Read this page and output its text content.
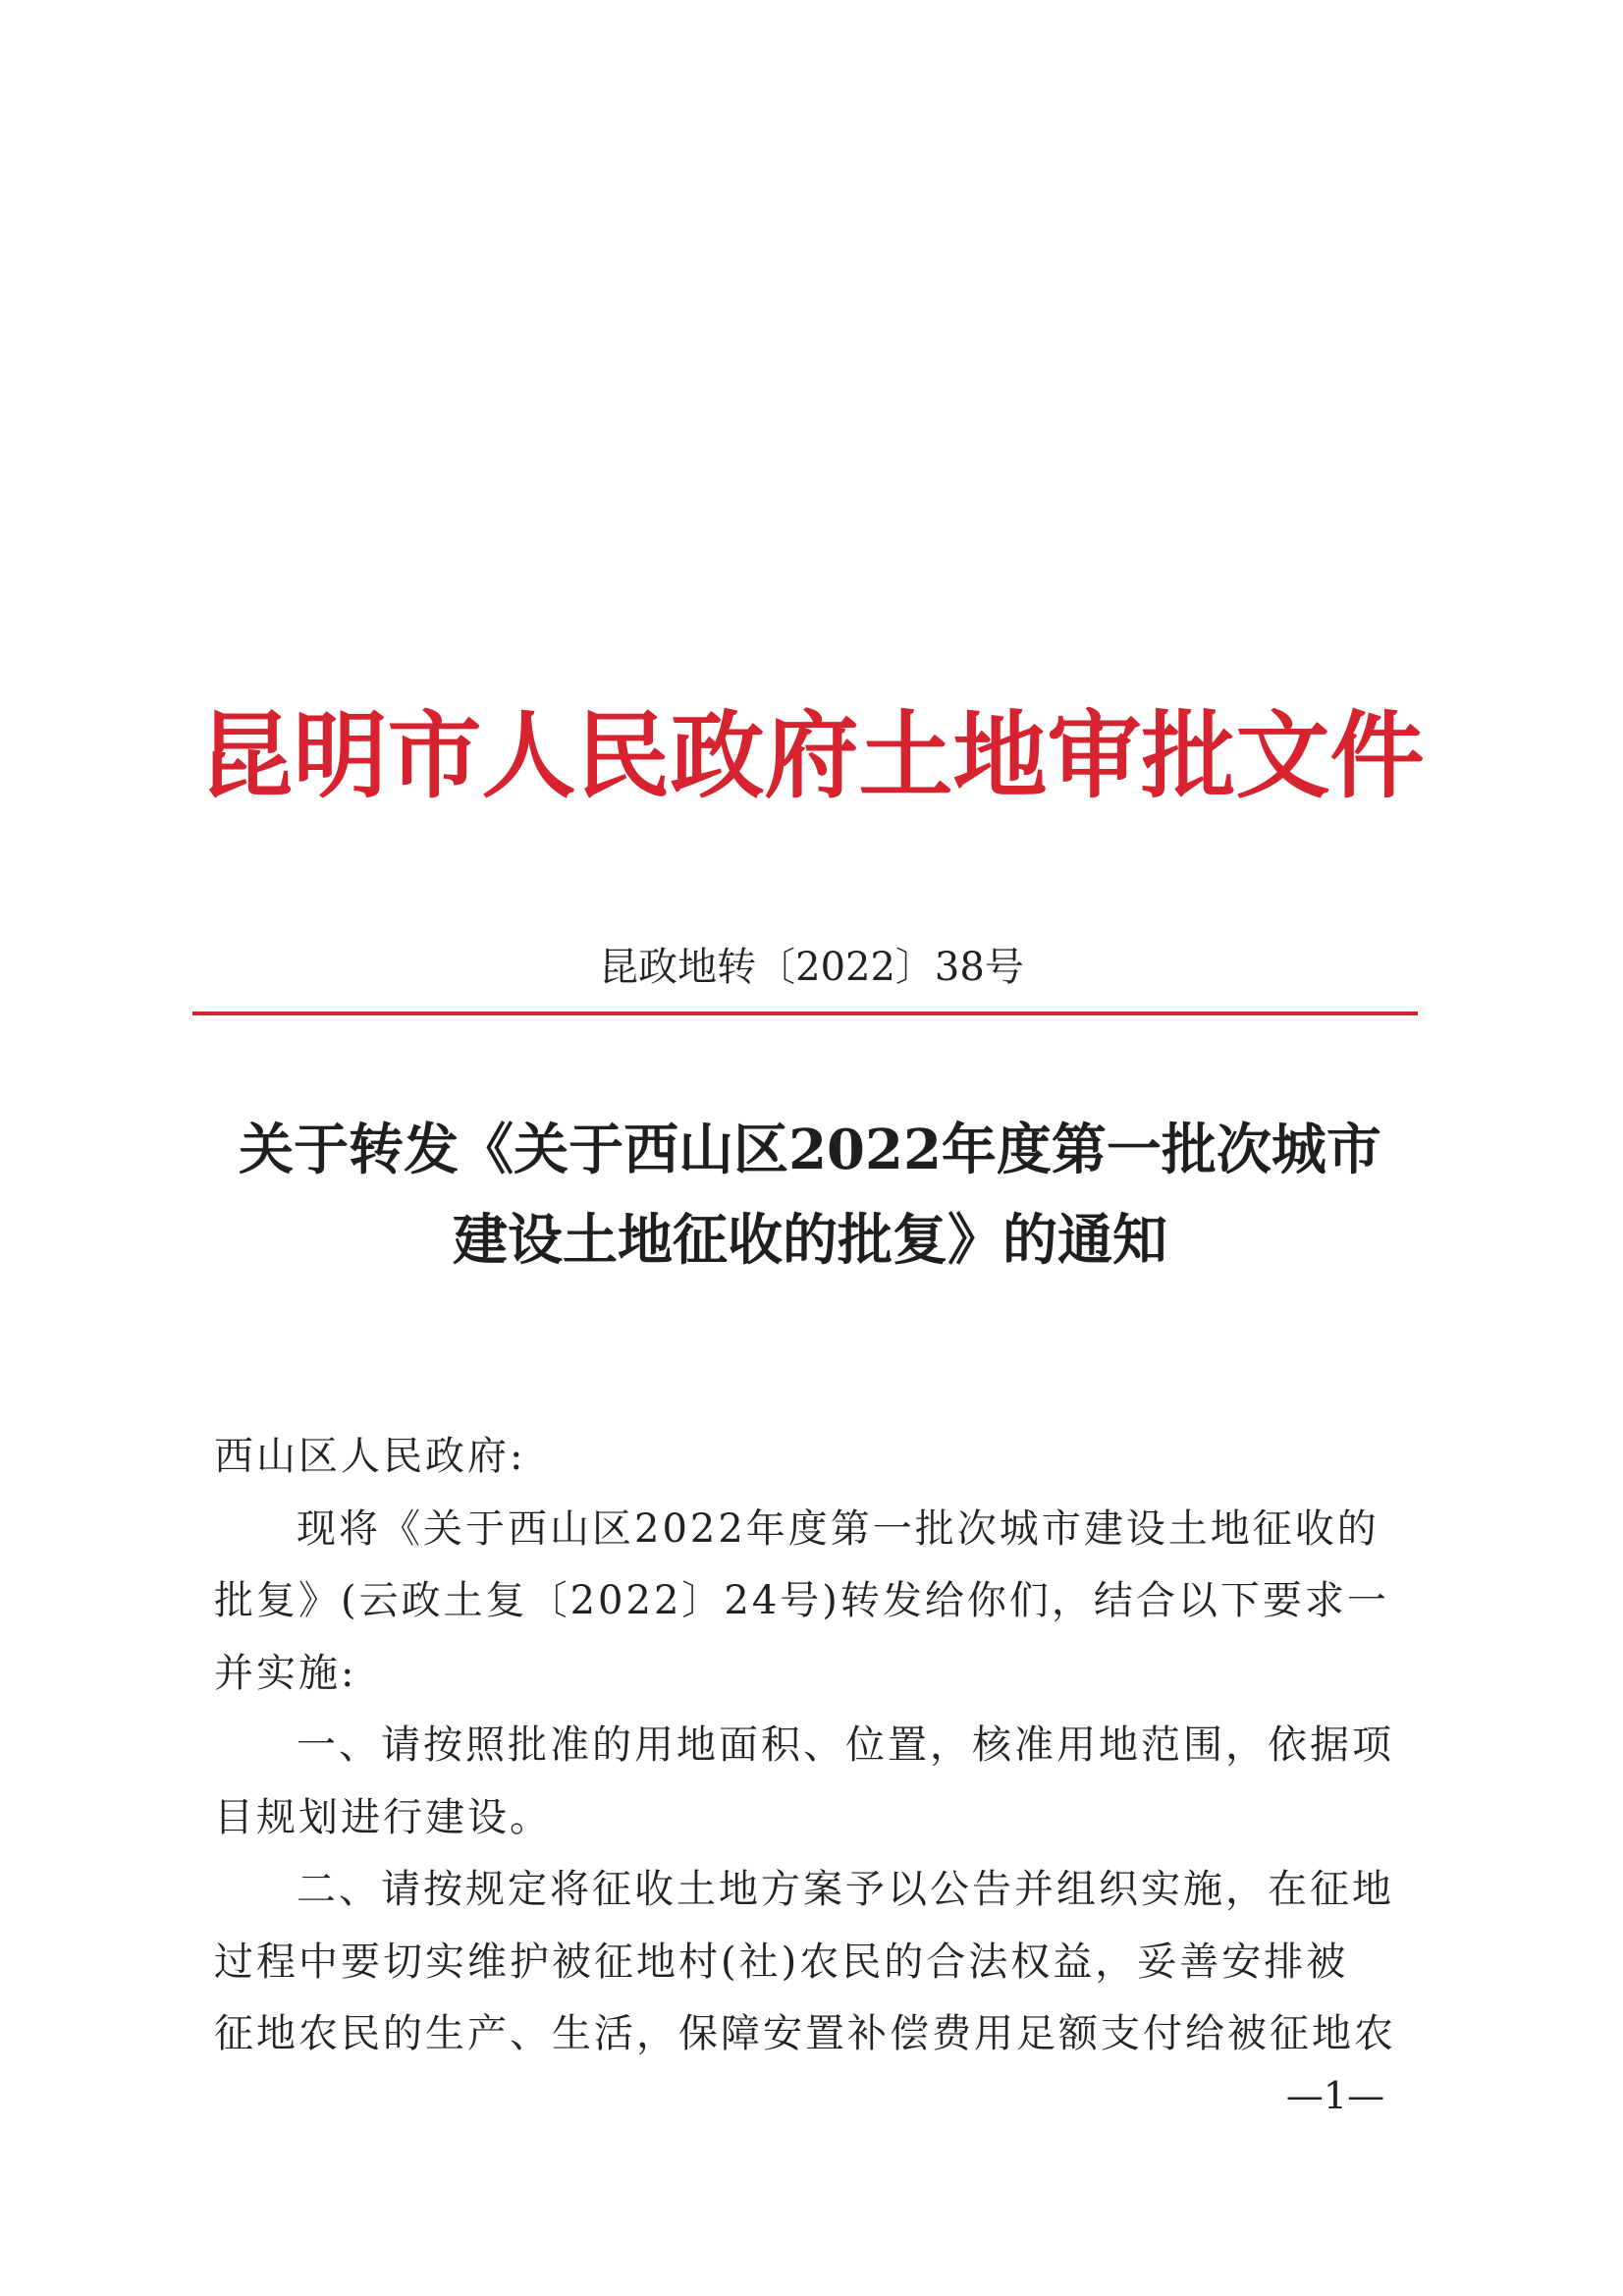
昆明市人民政府土地审批文件
昆政地转〔2022〕38号
关于转发《关于西山区2022年度第一批次城市
建设土地征收的批复》的通知
西山区人民政府:
现将《关于西山区2022年度第一批次城市建设土地征收的
批复》(云政土复〔2022〕24号)转发给你们，结合以下要求一
并实施:
一、请按照批准的用地面积、位置，核准用地范围，依据项
目规划进行建设。
二、请按规定将征收土地方案予以公告并组织实施，在征地
过程中要切实维护被征地村(社)农民的合法权益，妥善安排被
征地农民的生产、生活，保障安置补偿费用足额支付给被征地农
—1—
